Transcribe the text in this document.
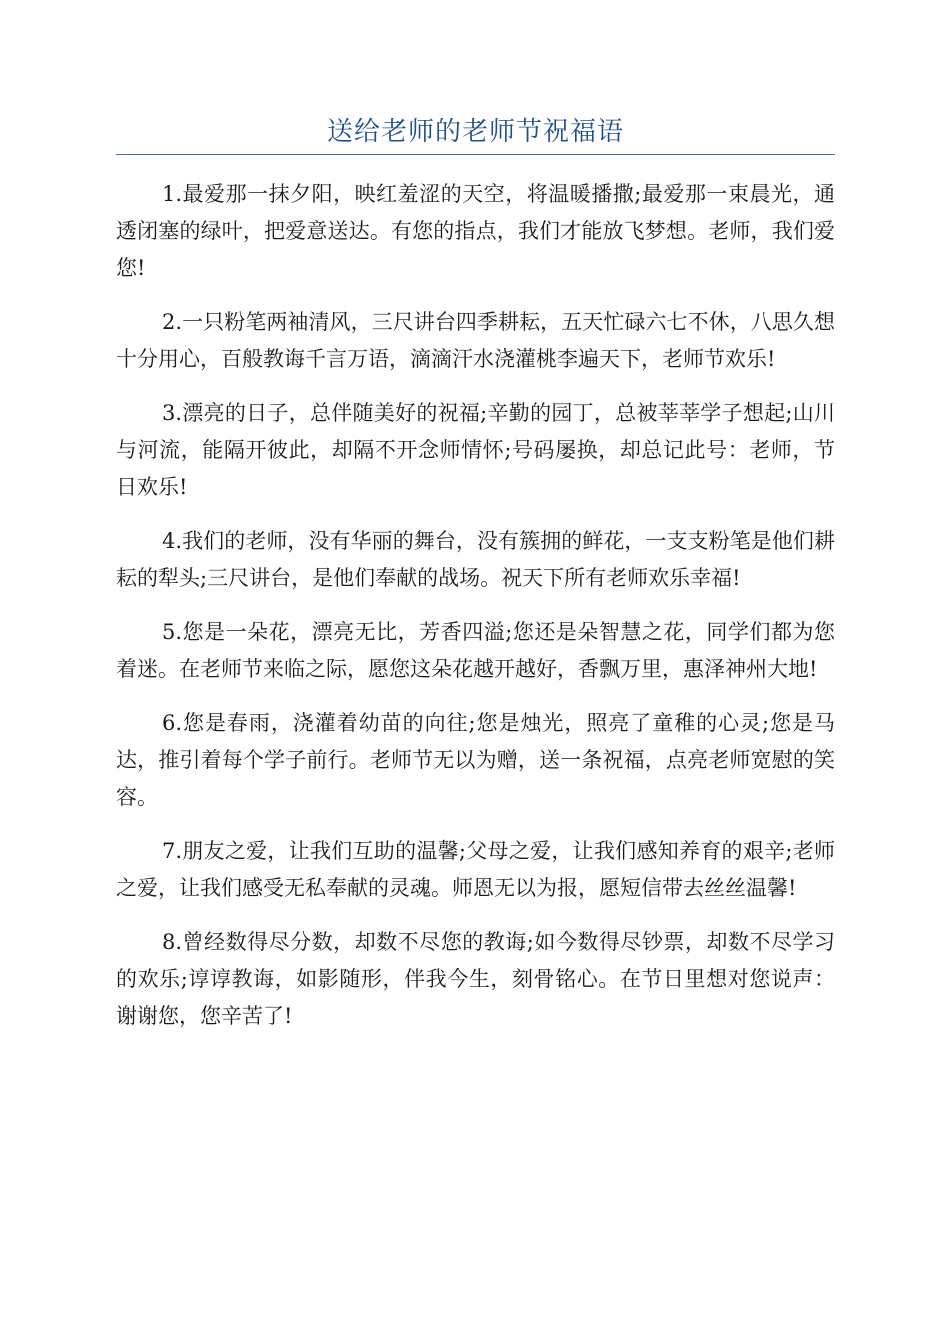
送给老师的老师节祝福语

1.最爱那一抹夕阳，映红羞涩的天空，将温暖播撒;最爱那一束晨光，通透闭塞的绿叶，把爱意送达。有您的指点，我们才能放飞梦想。老师，我们爱您!

2.一只粉笔两袖清风，三尺讲台四季耕耘，五天忙碌六七不休，八思久想十分用心，百般教诲千言万语，滴滴汗水浇灌桃李遍天下，老师节欢乐!

3.漂亮的日子，总伴随美好的祝福;辛勤的园丁，总被莘莘学子想起;山川与河流，能隔开彼此，却隔不开念师情怀;号码屡换，却总记此号：老师，节日欢乐!

4.我们的老师，没有华丽的舞台，没有簇拥的鲜花，一支支粉笔是他们耕耘的犁头;三尺讲台，是他们奉献的战场。祝天下所有老师欢乐幸福!

5.您是一朵花，漂亮无比，芳香四溢;您还是朵智慧之花，同学们都为您着迷。在老师节来临之际，愿您这朵花越开越好，香飘万里，惠泽神州大地!

6.您是春雨，浇灌着幼苗的向往;您是烛光，照亮了童稚的心灵;您是马达，推引着每个学子前行。老师节无以为赠，送一条祝福，点亮老师宽慰的笑容。

7.朋友之爱，让我们互助的温馨;父母之爱，让我们感知养育的艰辛;老师之爱，让我们感受无私奉献的灵魂。师恩无以为报，愿短信带去丝丝温馨!

8.曾经数得尽分数，却数不尽您的教诲;如今数得尽钞票，却数不尽学习的欢乐;谆谆教诲，如影随形，伴我今生，刻骨铭心。在节日里想对您说声：谢谢您，您辛苦了!
